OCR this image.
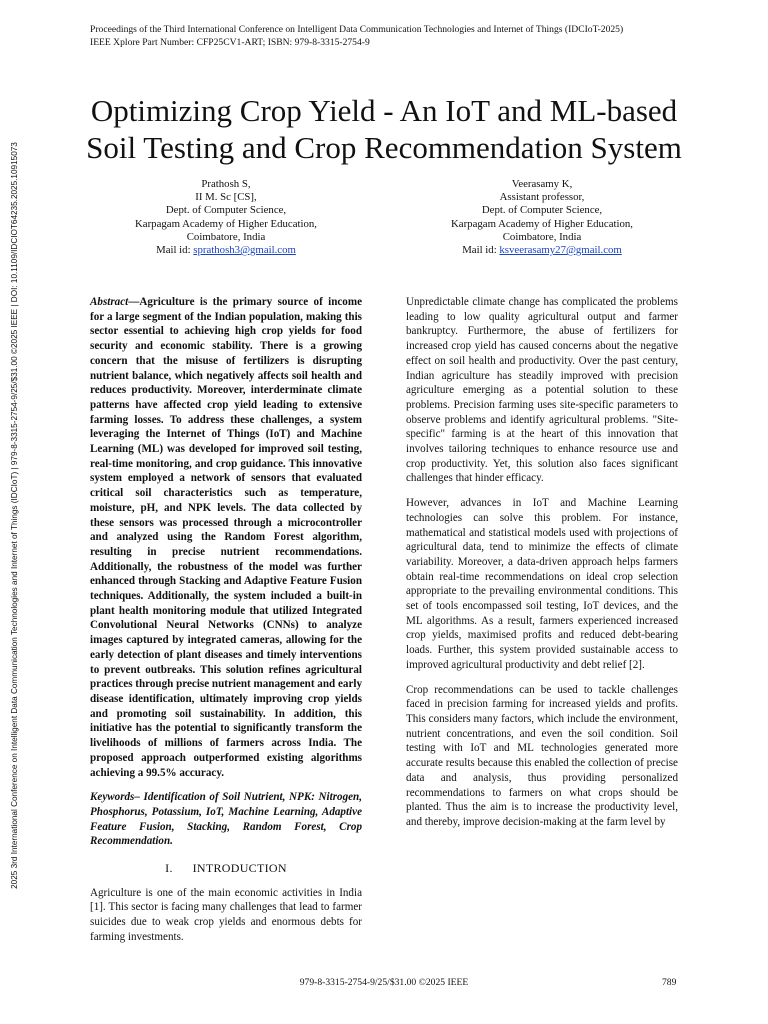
Proceedings of the Third International Conference on Intelligent Data Communication Technologies and Internet of Things (IDCIoT-2025)
IEEE Xplore Part Number: CFP25CV1-ART; ISBN: 979-8-3315-2754-9
2025 3rd International Conference on Intelligent Data Communication Technologies and Internet of Things (IDCIoT) | 979-8-3315-2754-9/25/$31.00 ©2025 IEEE | DOI: 10.1109/IDCIOT64235.2025.10915073
Optimizing Crop Yield - An IoT and ML-based
Soil Testing and Crop Recommendation System
Prathosh S,
II M. Sc [CS],
Dept. of Computer Science,
Karpagam Academy of Higher Education,
Coimbatore, India
Mail id: sprathosh3@gmail.com
Veerasamy K,
Assistant professor,
Dept. of Computer Science,
Karpagam Academy of Higher Education,
Coimbatore, India
Mail id: ksveerasamy27@gmail.com

Abstract—Agriculture is the primary source of income for a large segment of the Indian population, making this sector essential to achieving high crop yields for food security and economic stability. There is a growing concern that the misuse of fertilizers is disrupting nutrient balance, which negatively affects soil health and reduces productivity. Moreover, interderminate climate patterns have affected crop yield leading to extensive farming losses. To address these challenges, a system leveraging the Internet of Things (IoT) and Machine Learning (ML) was developed for improved soil testing, real-time monitoring, and crop guidance. This innovative system employed a network of sensors that evaluated critical soil characteristics such as temperature, moisture, pH, and NPK levels. The data collected by these sensors was processed through a microcontroller and analyzed using the Random Forest algorithm, resulting in precise nutrient recommendations. Additionally, the robustness of the model was further enhanced through Stacking and Adaptive Feature Fusion techniques. Additionally, the system included a built-in plant health monitoring module that utilized Integrated Convolutional Neural Networks (CNNs) to analyze images captured by integrated cameras, allowing for the early detection of plant diseases and timely interventions to prevent outbreaks. This solution refines agricultural practices through precise nutrient management and early disease identification, ultimately improving crop yields and promoting soil sustainability. In addition, this initiative has the potential to significantly transform the livelihoods of millions of farmers across India. The proposed approach outperformed existing algorithms achieving a 99.5% accuracy.

Keywords– Identification of Soil Nutrient, NPK: Nitrogen, Phosphorus, Potassium, IoT, Machine Learning, Adaptive Feature Fusion, Stacking, Random Forest, Crop Recommendation.

I. INTRODUCTION

Agriculture is one of the main economic activities in India [1]. This sector is facing many challenges that lead to farmer suicides due to weak crop yields and enormous debts for farming investments.

Unpredictable climate change has complicated the problems leading to low quality agricultural output and farmer bankruptcy. Furthermore, the abuse of fertilizers for increased crop yield has caused concerns about the negative effect on soil health and productivity. Over the past century, Indian agriculture has steadily improved with precision agriculture emerging as a potential solution to these problems. Precision farming uses site-specific parameters to observe problems and identify agricultural problems. "Site-specific" farming is at the heart of this innovation that involves tailoring techniques to enhance resource use and crop productivity. Yet, this solution also faces significant challenges that hinder efficacy.

However, advances in IoT and Machine Learning technologies can solve this problem. For instance, mathematical and statistical models used with projections of agricultural data, tend to minimize the effects of climate variability. Moreover, a data-driven approach helps farmers obtain real-time recommendations on ideal crop selection appropriate to the prevailing environmental conditions. This set of tools encompassed soil testing, IoT devices, and the ML algorithms. As a result, farmers experienced increased crop yields, maximised profits and reduced debt-bearing loads. Further, this system provided sustainable access to improved agricultural productivity and debt relief [2].

Crop recommendations can be used to tackle challenges faced in precision farming for increased yields and profits. This considers many factors, which include the environment, nutrient concentrations, and even the soil condition. Soil testing with IoT and ML technologies generated more accurate results because this enabled the collection of precise data and analysis, thus providing personalized recommendations to farmers on what crops should be planted. Thus the aim is to increase the productivity level, and thereby, improve decision-making at the farm level by

979-8-3315-2754-9/25/$31.00 ©2025 IEEE	789
